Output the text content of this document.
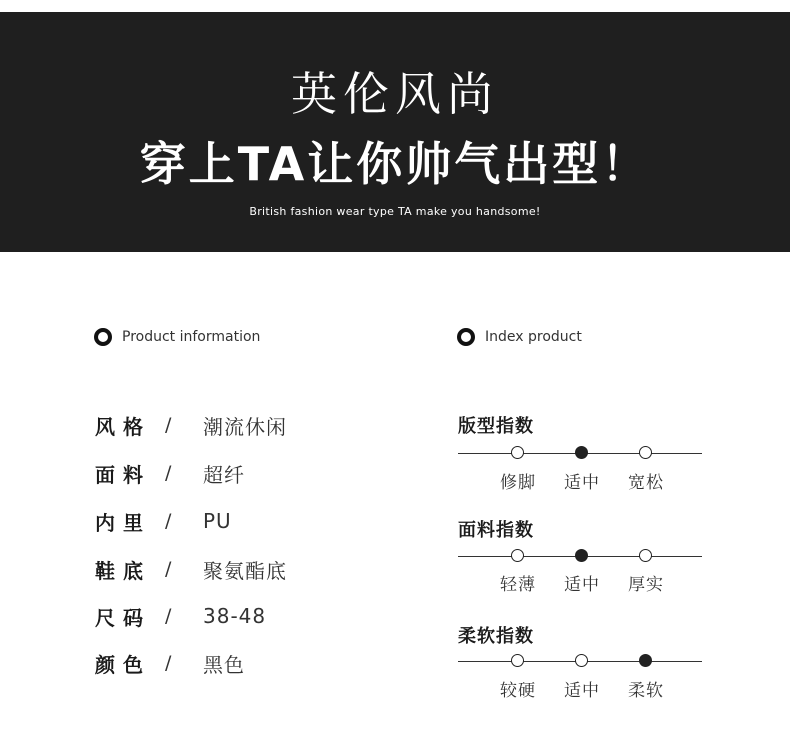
英伦风尚
穿上TA让你帅气出型！
British fashion wear type TA make you handsome!
Product information	Index product
风格 /	潮流休闲
面料 /	超纤
内里 /	PU
鞋底 /	聚氨酯底
尺码 /	38-48
颜色 /	黑色
版型指数
修脚	适中	宽松
面料指数
轻薄	适中	厚实
柔软指数
较硬	适中	柔软
